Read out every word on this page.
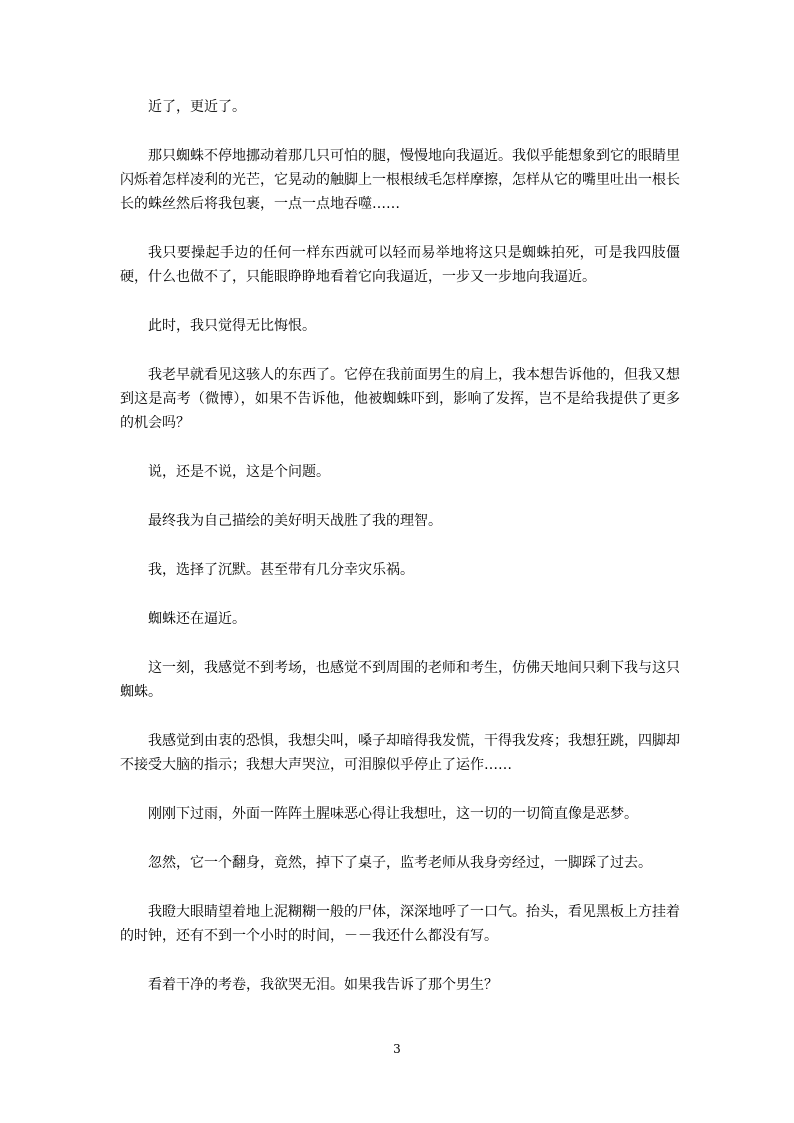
近了，更近了。

那只蜘蛛不停地挪动着那几只可怕的腿，慢慢地向我逼近。我似乎能想象到它的眼睛里闪烁着怎样凌利的光芒，它晃动的触脚上一根根绒毛怎样摩擦，怎样从它的嘴里吐出一根长长的蛛丝然后将我包裹，一点一点地吞噬……

我只要操起手边的任何一样东西就可以轻而易举地将这只是蜘蛛拍死，可是我四肢僵硬，什么也做不了，只能眼睁睁地看着它向我逼近，一步又一步地向我逼近。

此时，我只觉得无比悔恨。

我老早就看见这骇人的东西了。它停在我前面男生的肩上，我本想告诉他的，但我又想到这是高考（微博），如果不告诉他，他被蜘蛛吓到，影响了发挥，岂不是给我提供了更多的机会吗？

说，还是不说，这是个问题。

最终我为自己描绘的美好明天战胜了我的理智。

我，选择了沉默。甚至带有几分幸灾乐祸。

蜘蛛还在逼近。

这一刻，我感觉不到考场，也感觉不到周围的老师和考生，仿佛天地间只剩下我与这只蜘蛛。

我感觉到由衷的恐惧，我想尖叫，嗓子却暗得我发慌，干得我发疼；我想狂跳，四脚却不接受大脑的指示；我想大声哭泣，可泪腺似乎停止了运作……

刚刚下过雨，外面一阵阵土腥味恶心得让我想吐，这一切的一切简直像是恶梦。

忽然，它一个翻身，竟然，掉下了桌子，监考老师从我身旁经过，一脚踩了过去。

我瞪大眼睛望着地上泥糊糊一般的尸体，深深地呼了一口气。抬头，看见黑板上方挂着的时钟，还有不到一个小时的时间，－－我还什么都没有写。

看着干净的考卷，我欲哭无泪。如果我告诉了那个男生？

3
